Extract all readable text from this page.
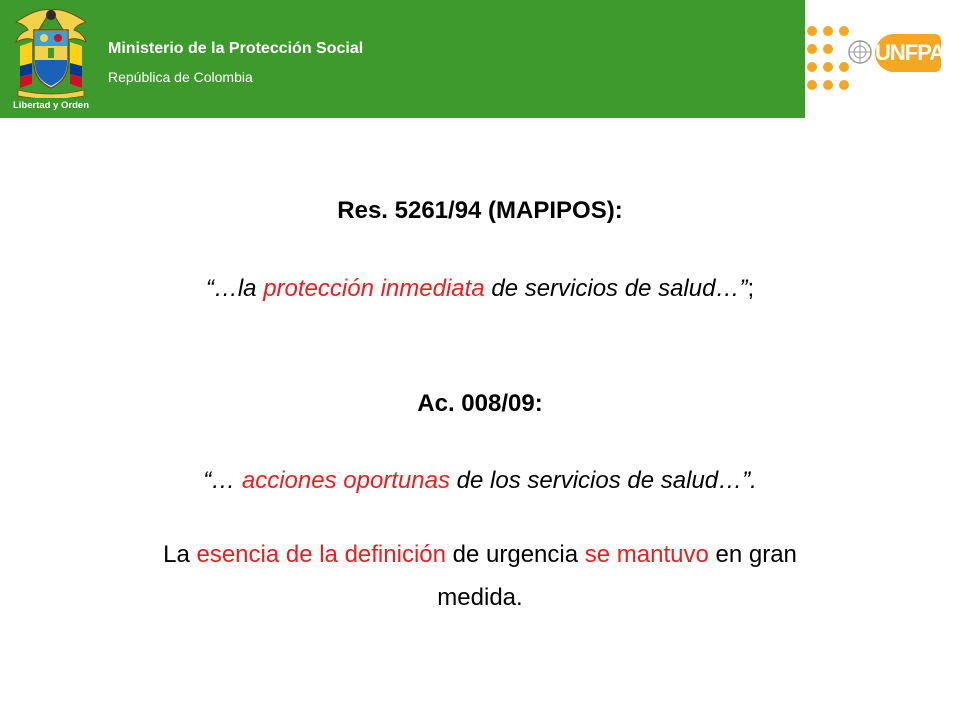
Libertad y Orden
Ministerio de la Protección Social
República de Colombia
UNFPA
Res. 5261/94 (MAPIPOS):
“…la protección inmediata de servicios de salud…”;
Ac. 008/09:
“… acciones oportunas de los servicios de salud…”.
La esencia de la definición de urgencia se mantuvo en gran
medida.
